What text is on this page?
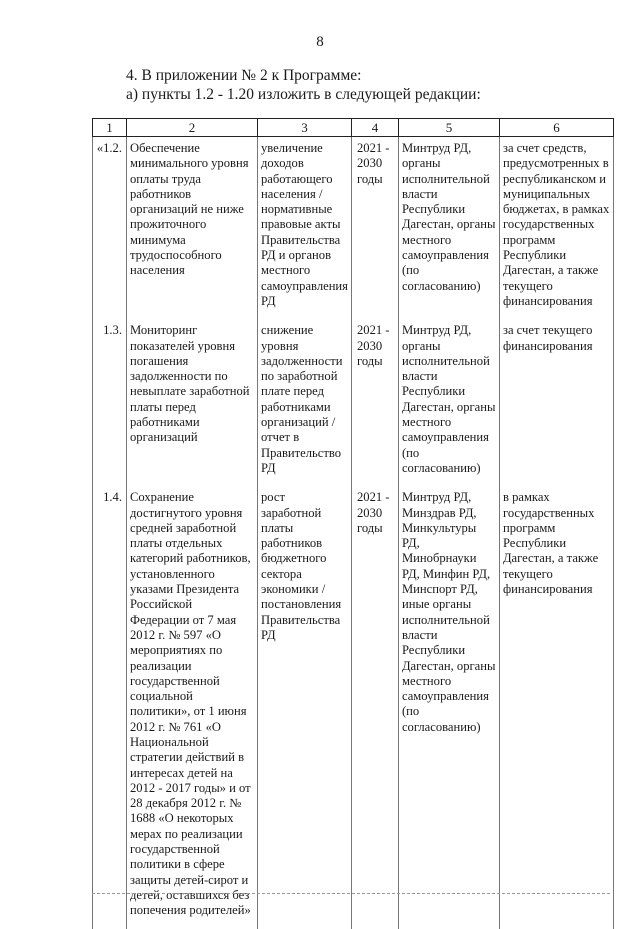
8
4. В приложении № 2 к Программе:
а) пункты 1.2 - 1.20 изложить в следующей редакции:
1	2	3	4	5	6
«1.2.	Обеспечение минимального уровня оплаты труда работников организаций не ниже прожиточного минимума трудоспособного населения	увеличение доходов работающего населения / нормативные правовые акты Правительства РД и органов местного самоуправления РД	2021 - 2030 годы	Минтруд РД, органы исполнительной власти Республики Дагестан, органы местного самоуправления (по согласованию)	за счет средств, предусмотренных в республиканском и муниципальных бюджетах, в рамках государственных программ Республики Дагестан, а также текущего финансирования
1.3.	Мониторинг показателей уровня погашения задолженности по невыплате заработной платы перед работниками организаций	снижение уровня задолженности по заработной плате перед работниками организаций / отчет в Правительство РД	2021 - 2030 годы	Минтруд РД, органы исполнительной власти Республики Дагестан, органы местного самоуправления (по согласованию)	за счет текущего финансирования
1.4.	Сохранение достигнутого уровня средней заработной платы отдельных категорий работников, установленного указами Президента Российской Федерации от 7 мая 2012 г. № 597 «О мероприятиях по реализации государственной социальной политики», от 1 июня 2012 г. № 761 «О Национальной стратегии действий в интересах детей на 2012 - 2017 годы» и от 28 декабря 2012 г. № 1688 «О некоторых мерах по реализации государственной политики в сфере защиты детей-сирот и детей, оставшихся без попечения родителей»	рост заработной платы работников бюджетного сектора экономики / постановления Правительства РД	2021 - 2030 годы	Минтруд РД, Минздрав РД, Минкультуры РД, Минобрнауки РД, Минфин РД, Минспорт РД, иные органы исполнительной власти Республики Дагестан, органы местного самоуправления (по согласованию)	в рамках государственных программ Республики Дагестан, а также текущего финансирования
